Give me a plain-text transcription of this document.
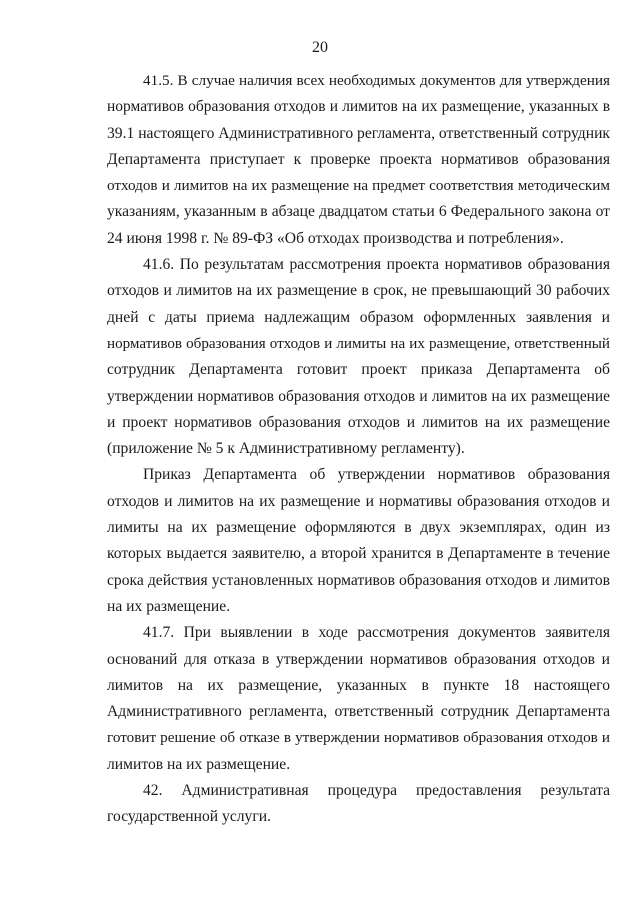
20
41.5. В случае наличия всех необходимых документов для утверждения
нормативов образования отходов и лимитов на их размещение, указанных в
39.1 настоящего Административного регламента, ответственный сотрудник
Департамента приступает к проверке проекта нормативов образования
отходов и лимитов на их размещение на предмет соответствия методическим
указаниям, указанным в абзаце двадцатом статьи 6 Федерального закона от
24 июня 1998 г. № 89-ФЗ «Об отходах производства и потребления».
41.6. По результатам рассмотрения проекта нормативов образования
отходов и лимитов на их размещение в срок, не превышающий 30 рабочих
дней с даты приема надлежащим образом оформленных заявления и
нормативов образования отходов и лимиты на их размещение, ответственный
сотрудник Департамента готовит проект приказа Департамента об
утверждении нормативов образования отходов и лимитов на их размещение
и проект нормативов образования отходов и лимитов на их размещение
(приложение № 5 к Административному регламенту).
Приказ Департамента об утверждении нормативов образования
отходов и лимитов на их размещение и нормативы образования отходов и
лимиты на их размещение оформляются в двух экземплярах, один из
которых выдается заявителю, а второй хранится в Департаменте в течение
срока действия установленных нормативов образования отходов и лимитов
на их размещение.
41.7. При выявлении в ходе рассмотрения документов заявителя
оснований для отказа в утверждении нормативов образования отходов и
лимитов на их размещение, указанных в пункте 18 настоящего
Административного регламента, ответственный сотрудник Департамента
готовит решение об отказе в утверждении нормативов образования отходов и
лимитов на их размещение.
42. Административная процедура предоставления результата
государственной услуги.
